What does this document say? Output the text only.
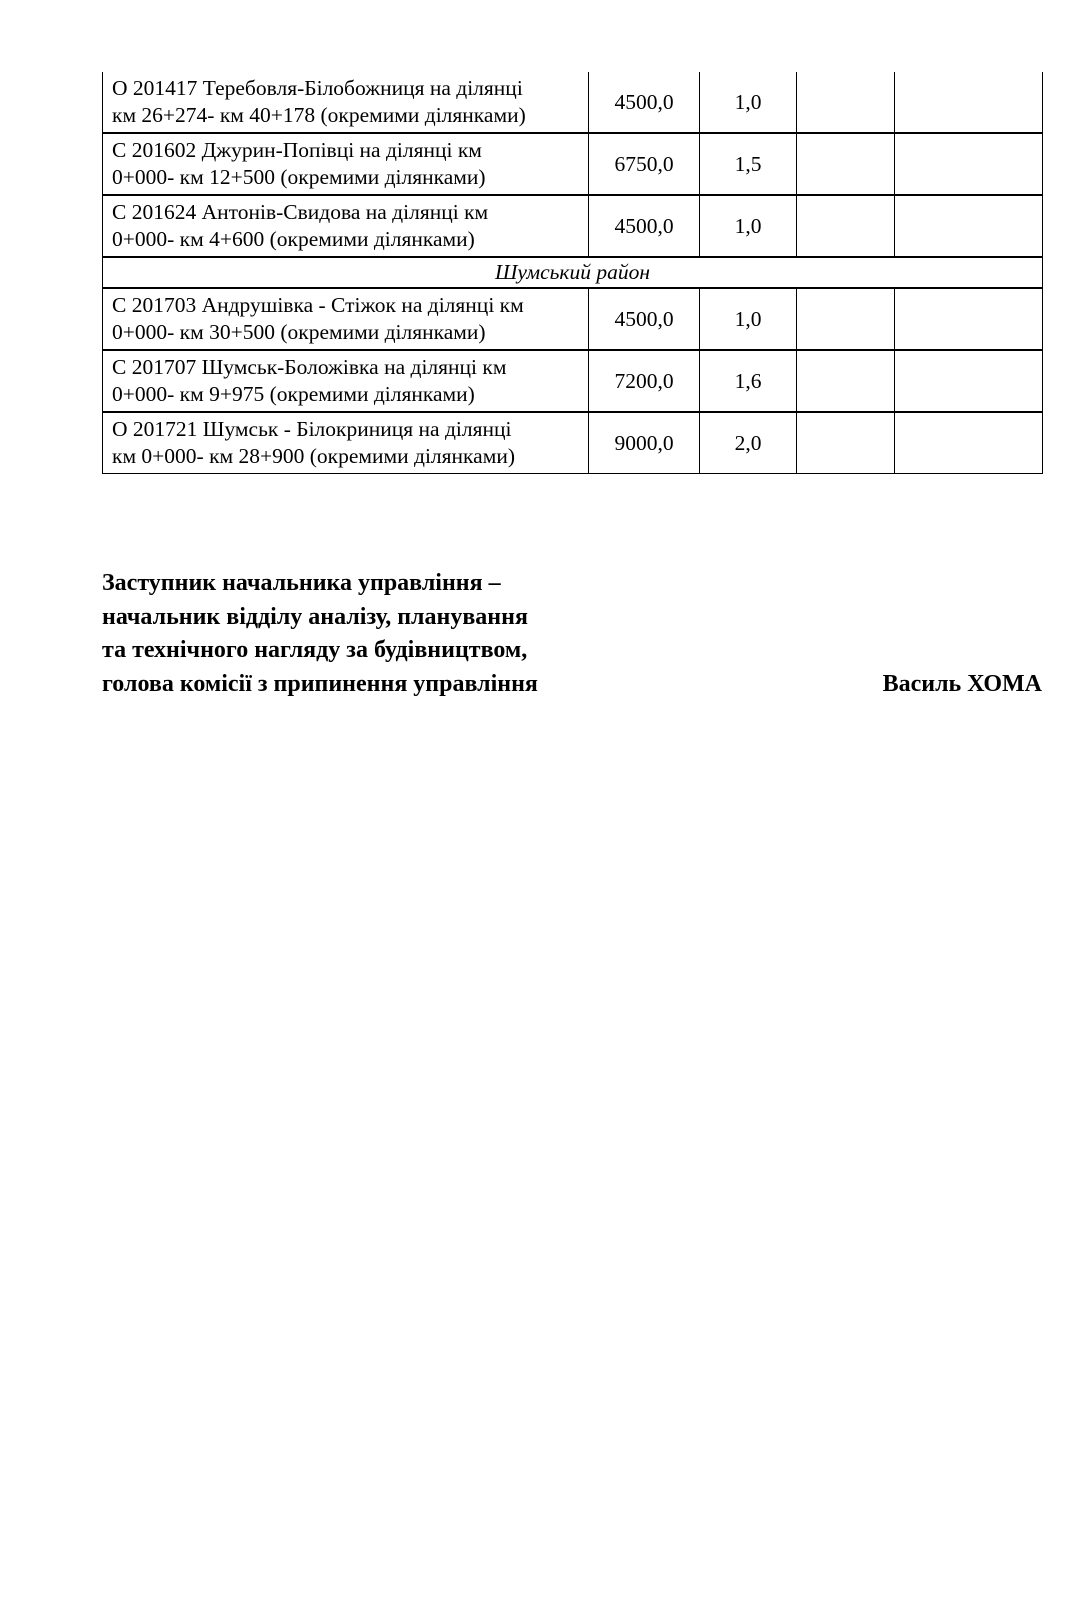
О 201417 Теребовля-Білобожниця на ділянці
км 26+274- км 40+178 (окремими ділянками)	4500,0	1,0		
С 201602 Джурин-Попівці на ділянці км
0+000- км 12+500 (окремими ділянками)	6750,0	1,5		
С 201624 Антонів-Свидова на ділянці км
0+000- км 4+600 (окремими ділянками)	4500,0	1,0		
Шумський район				
С 201703 Андрушівка - Стіжок на ділянці км
0+000- км 30+500 (окремими ділянками)	4500,0	1,0		
С 201707 Шумськ-Боложівка на ділянці км
0+000- км 9+975 (окремими ділянками)	7200,0	1,6		
О 201721 Шумськ - Білокриниця на ділянці
км 0+000- км 28+900 (окремими ділянками)	9000,0	2,0		
Заступник начальника управління –
начальник відділу аналізу, планування
та технічного нагляду за будівництвом,
голова комісії з припинення управління	Василь ХОМА
